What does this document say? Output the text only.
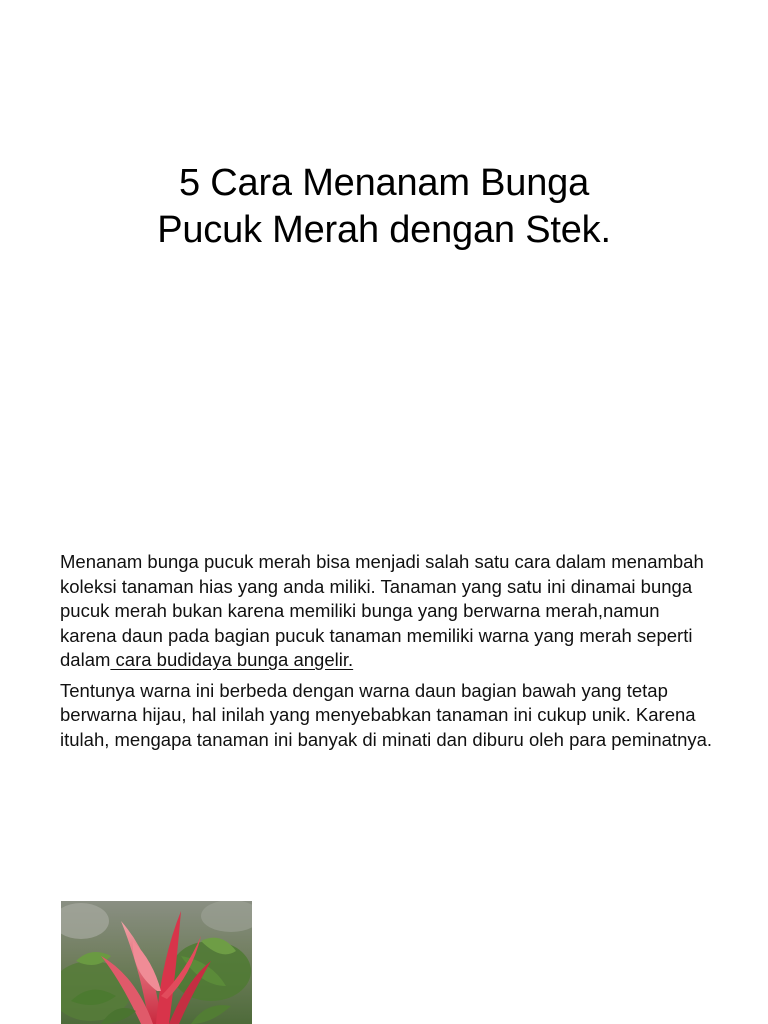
5 Cara Menanam Bunga
Pucuk Merah dengan Stek.

Menanam bunga pucuk merah bisa menjadi salah satu cara dalam menambah koleksi tanaman hias yang anda miliki. Tanaman yang satu ini dinamai bunga pucuk merah bukan karena memiliki bunga yang berwarna merah,namun karena daun pada bagian pucuk tanaman memiliki warna yang merah seperti dalam cara budidaya bunga angelir.

Tentunya warna ini berbeda dengan warna daun bagian bawah yang tetap berwarna hijau, hal inilah yang menyebabkan tanaman ini cukup unik. Karena itulah, mengapa tanaman ini banyak di minati dan diburu oleh para peminatnya.
